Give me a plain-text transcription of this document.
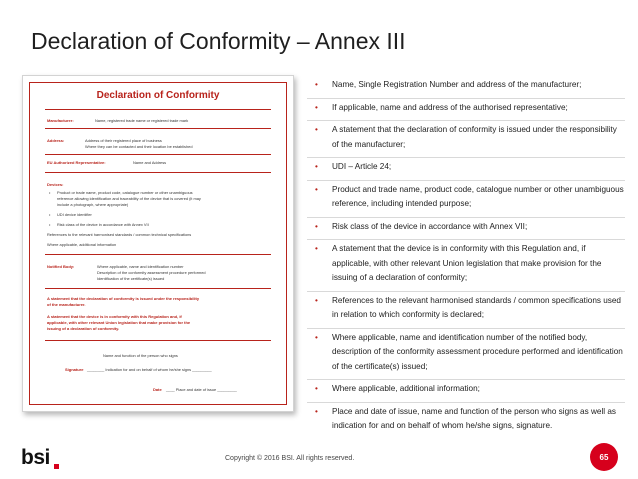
Declaration of Conformity – Annex III
Declaration of Conformity
Manufacturer:	Name, registered trade name or registered trade mark
Address:	Address of their registered place of business
Where they can be contacted and their location be established
EU Authorized Representative:	Name and Address
Devices:
• Product or trade name, product code, catalogue number or other unambiguous
reference allowing identification and traceability of the device that is covered (it may
include a photograph, where appropriate)
• UDI device identifier
• Risk class of the device in accordance with Annex VII
References to the relevant harmonised standards / common technical specifications
Where applicable, additional information
Notified Body:	Where applicable, name and identification number
Description of the conformity assessment procedure performed
Identification of the certificate(s) issued
A statement that the declaration of conformity is issued under the responsibility
of the manufacturer.
A statement that the device is in conformity with this Regulation and, if
applicable, with other relevant Union legislation that make provision for the
issuing of a declaration of conformity.
Name and function of the person who signs
Signature ________ Indication for and on behalf of whom he/she signs _________
Date ____ Place and date of issue _________
• Name, Single Registration Number and address of the manufacturer;
• If applicable, name and address of the authorised representative;
• A statement that the declaration of conformity is issued under the responsibility of the manufacturer;
• UDI – Article 24;
• Product and trade name, product code, catalogue number or other unambiguous reference, including intended purpose;
• Risk class of the device in accordance with Annex VII;
• A statement that the device is in conformity with this Regulation and, if applicable, with other relevant Union legislation that make provision for the issuing of a declaration of conformity;
• References to the relevant harmonised standards / common specifications used in relation to which conformity is declared;
• Where applicable, name and identification number of the notified body, description of the conformity assessment procedure performed and identification of the certificate(s) issued;
• Where applicable, additional information;
• Place and date of issue, name and function of the person who signs as well as indication for and on behalf of whom he/she signs, signature.
bsi	Copyright © 2016 BSI. All rights reserved.	65
